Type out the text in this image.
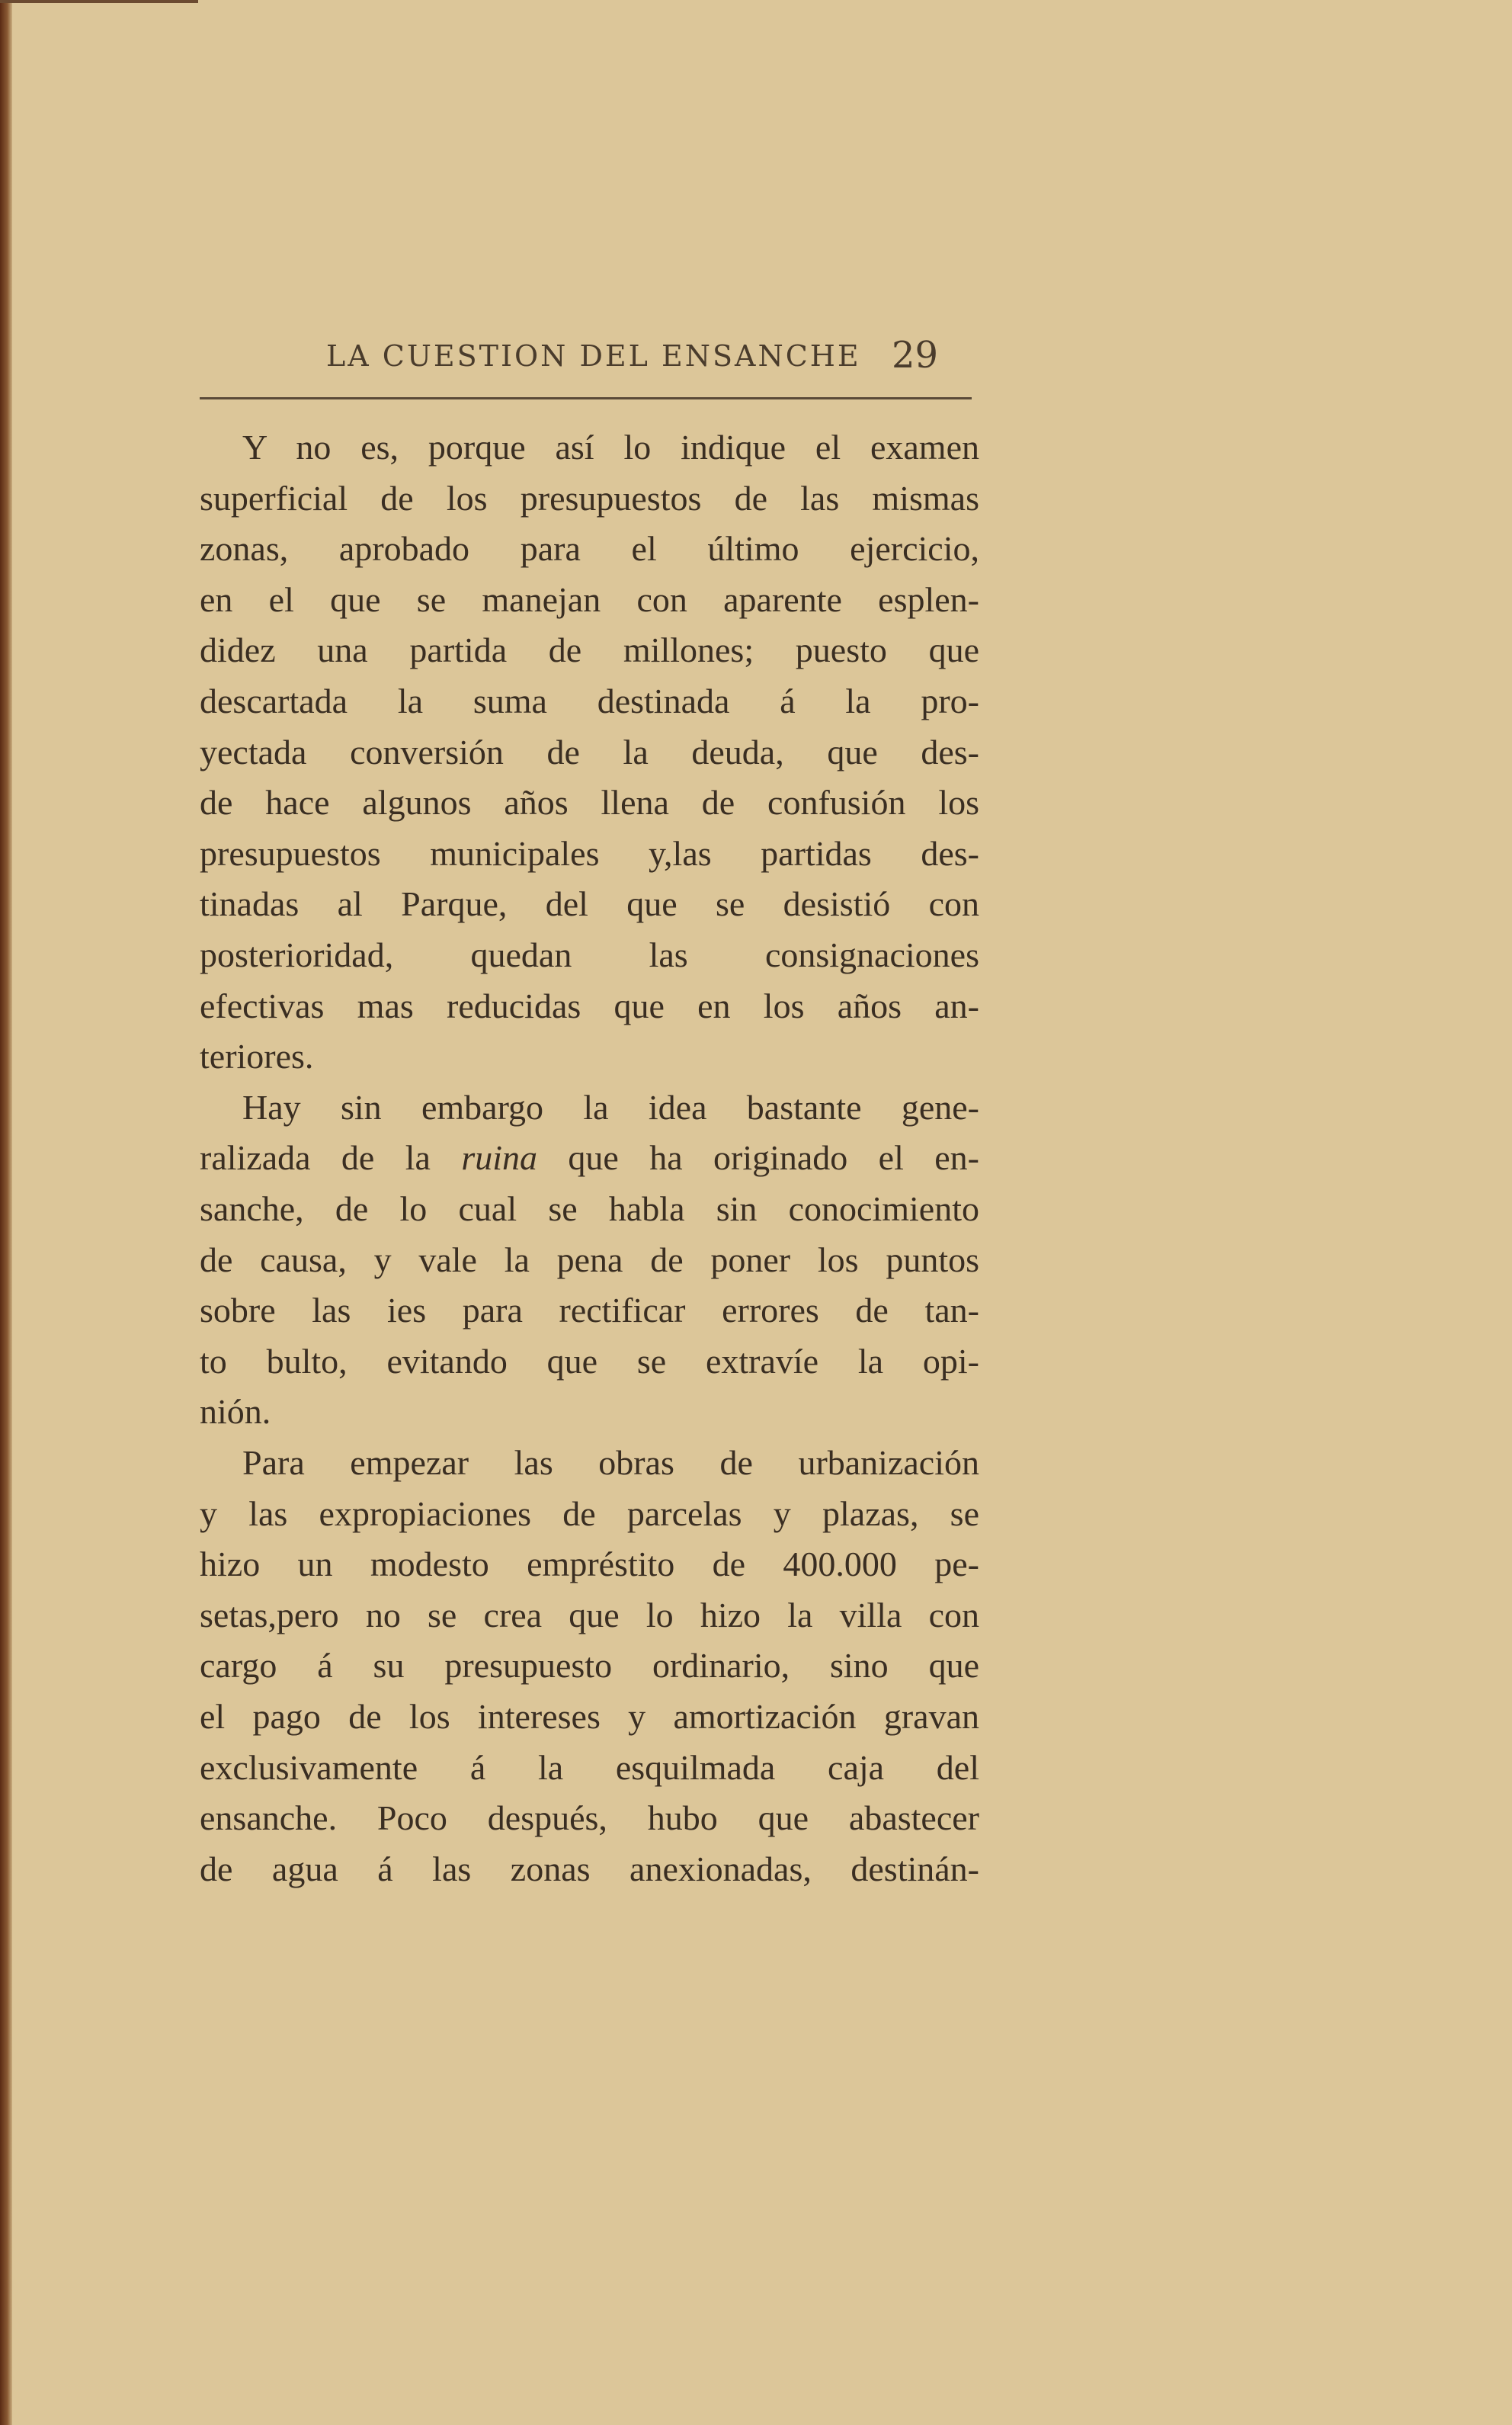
LA CUESTION DEL ENSANCHE 29
Y no es, porque así lo indique el examen
superficial de los presupuestos de las mismas
zonas, aprobado para el último ejercicio,
en el que se manejan con aparente esplen-
didez una partida de millones; puesto que
descartada la suma destinada á la pro-
yectada conversión de la deuda, que des-
de hace algunos años llena de confusión los
presupuestos municipales y,las partidas des-
tinadas al Parque, del que se desistió con
posterioridad, quedan las consignaciones
efectivas mas reducidas que en los años an-
teriores.
Hay sin embargo la idea bastante gene-
ralizada de la ruina que ha originado el en-
sanche, de lo cual se habla sin conocimiento
de causa, y vale la pena de poner los puntos
sobre las ies para rectificar errores de tan-
to bulto, evitando que se extravíe la opi-
nión.
Para empezar las obras de urbanización
y las expropiaciones de parcelas y plazas, se
hizo un modesto empréstito de 400.000 pe-
setas,pero no se crea que lo hizo la villa con
cargo á su presupuesto ordinario, sino que
el pago de los intereses y amortización gravan
exclusivamente á la esquilmada caja del
ensanche. Poco después, hubo que abastecer
de agua á las zonas anexionadas, destinán-
